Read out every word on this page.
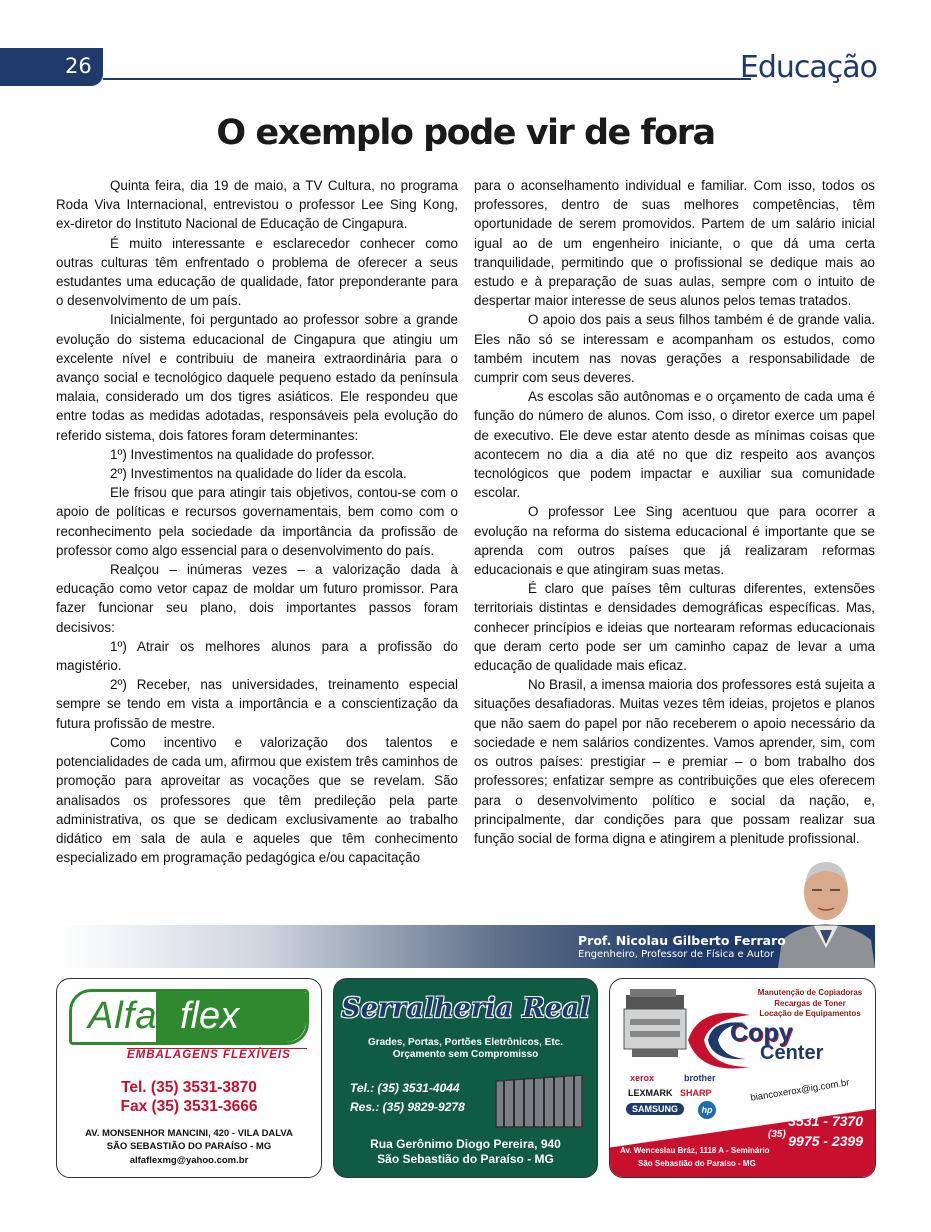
26	Educação
O exemplo pode vir de fora

Quinta feira, dia 19 de maio, a TV Cultura, no programa Roda Viva Internacional, entrevistou o professor Lee Sing Kong, ex-diretor do Instituto Nacional de Educação de Cingapura.

É muito interessante e esclarecedor conhecer como outras culturas têm enfrentado o problema de oferecer a seus estudantes uma educação de qualidade, fator preponderante para o desenvolvimento de um país.

Inicialmente, foi perguntado ao professor sobre a grande evolução do sistema educacional de Cingapura que atingiu um excelente nível e contribuiu de maneira extraordinária para o avanço social e tecnológico daquele pequeno estado da península malaia, considerado um dos tigres asiáticos. Ele respondeu que entre todas as medidas adotadas, responsáveis pela evolução do referido sistema, dois fatores foram determinantes:

1º) Investimentos na qualidade do professor.

2º) Investimentos na qualidade do líder da escola.

Ele frisou que para atingir tais objetivos, contou-se com o apoio de políticas e recursos governamentais, bem como com o reconhecimento pela sociedade da importância da profissão de professor como algo essencial para o desenvolvimento do país.

Realçou – inúmeras vezes – a valorização dada à educação como vetor capaz de moldar um futuro promissor. Para fazer funcionar seu plano, dois importantes passos foram decisivos:

1º) Atrair os melhores alunos para a profissão do magistério.

2º) Receber, nas universidades, treinamento especial sempre se tendo em vista a importância e a conscientização da futura profissão de mestre.

Como incentivo e valorização dos talentos e potencialidades de cada um, afirmou que existem três caminhos de promoção para aproveitar as vocações que se revelam. São analisados os professores que têm predileção pela parte administrativa, os que se dedicam exclusivamente ao trabalho didático em sala de aula e aqueles que têm conhecimento especializado em programação pedagógica e/ou capacitação

para o aconselhamento individual e familiar. Com isso, todos os professores, dentro de suas melhores competências, têm oportunidade de serem promovidos. Partem de um salário inicial igual ao de um engenheiro iniciante, o que dá uma certa tranquilidade, permitindo que o profissional se dedique mais ao estudo e à preparação de suas aulas, sempre com o intuito de despertar maior interesse de seus alunos pelos temas tratados.

O apoio dos pais a seus filhos também é de grande valia. Eles não só se interessam e acompanham os estudos, como também incutem nas novas gerações a responsabilidade de cumprir com seus deveres.

As escolas são autônomas e o orçamento de cada uma é função do número de alunos. Com isso, o diretor exerce um papel de executivo. Ele deve estar atento desde as mínimas coisas que acontecem no dia a dia até no que diz respeito aos avanços tecnológicos que podem impactar e auxiliar sua comunidade escolar.

O professor Lee Sing acentuou que para ocorrer a evolução na reforma do sistema educacional é importante que se aprenda com outros países que já realizaram reformas educacionais e que atingiram suas metas.

É claro que países têm culturas diferentes, extensões territoriais distintas e densidades demográficas específicas. Mas, conhecer princípios e ideias que nortearam reformas educacionais que deram certo pode ser um caminho capaz de levar a uma educação de qualidade mais eficaz.

No Brasil, a imensa maioria dos professores está sujeita a situações desafiadoras. Muitas vezes têm ideias, projetos e planos que não saem do papel por não receberem o apoio necessário da sociedade e nem salários condizentes. Vamos aprender, sim, com os outros países: prestigiar – e premiar – o bom trabalho dos professores; enfatizar sempre as contribuições que eles oferecem para o desenvolvimento político e social da nação, e, principalmente, dar condições para que possam realizar sua função social de forma digna e atingirem a plenitude profissional.

Prof. Nicolau Gilberto Ferraro
Engenheiro, Professor de Física e Autor
Alfa flex
EMBALAGENS FLEXÍVEIS
Tel. (35) 3531-3870
Fax (35) 3531-3666
AV. MONSENHOR MANCINI, 420 - VILA DALVA
SÃO SEBASTIÃO DO PARAÍSO - MG
alfaflexmg@yahoo.com.br
Serralheria Real
Grades, Portas, Portões Eletrônicos, Etc.
Orçamento sem Compromisso
Tel.: (35) 3531-4044
Res.: (35) 9829-9278
Rua Gerônimo Diogo Pereira, 940
São Sebastião do Paraíso - MG
Manutenção de Copiadoras
Recargas de Toner
Locação de Equipamentos
Copy
Center
xerox	brother
LEXMARK SHARP
SAMSUNG	hp
biancoxerox@ig.com.br
3531 - 7370
(35) 9975 - 2399
Av. Wenceslau Bráz, 1118 A - Seminário
São Sebastião do Paraíso - MG
